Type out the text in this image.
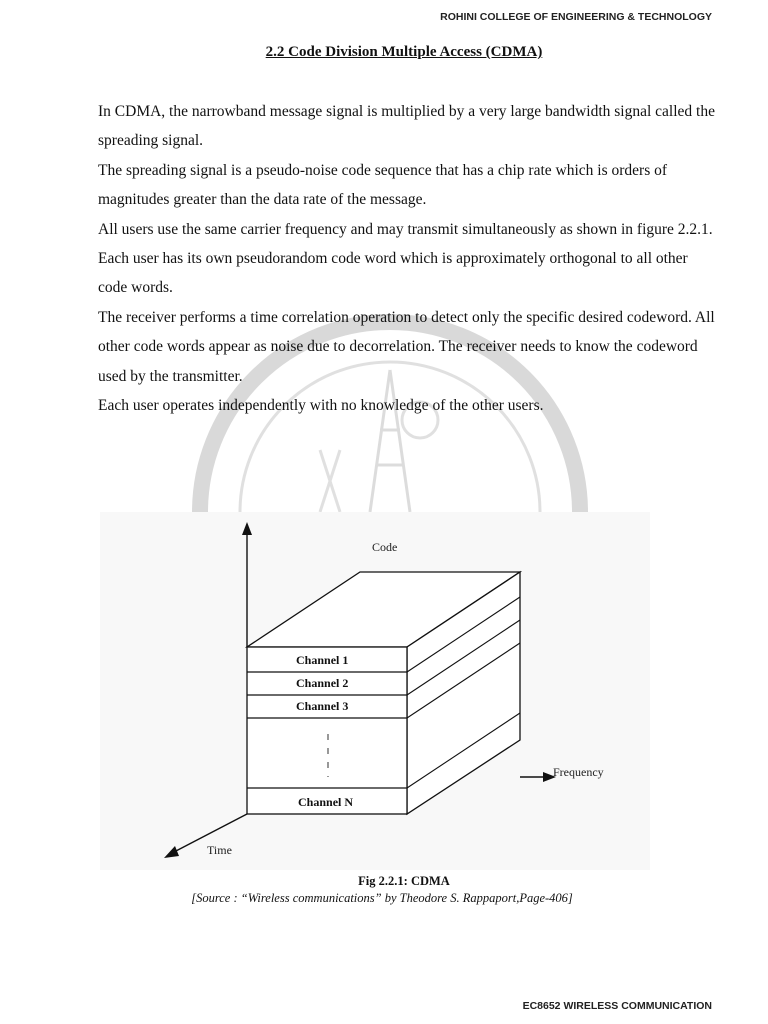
ROHINI COLLEGE OF ENGINEERING & TECHNOLOGY
2.2 Code Division Multiple Access (CDMA)

In CDMA, the narrowband message signal is multiplied by a very large bandwidth signal called the spreading signal.

The spreading signal is a pseudo-noise code sequence that has a chip rate which is orders of magnitudes greater than the data rate of the message.

All users use the same carrier frequency and may transmit simultaneously as shown in figure 2.2.1.

Each user has its own pseudorandom code word which is approximately orthogonal to all other code words.

The receiver performs a time correlation operation to detect only the specific desired codeword. All other code words appear as noise due to decorrelation. The receiver needs to know the codeword used by the transmitter.

Each user operates independently with no knowledge of the other users.

Code
Frequency
Time
Channel 1
Channel 2
Channel 3
Channel N
Fig 2.2.1: CDMA
[Source : “Wireless communications” by Theodore S. Rappaport,Page-406]
EC8652 WIRELESS COMMUNICATION
